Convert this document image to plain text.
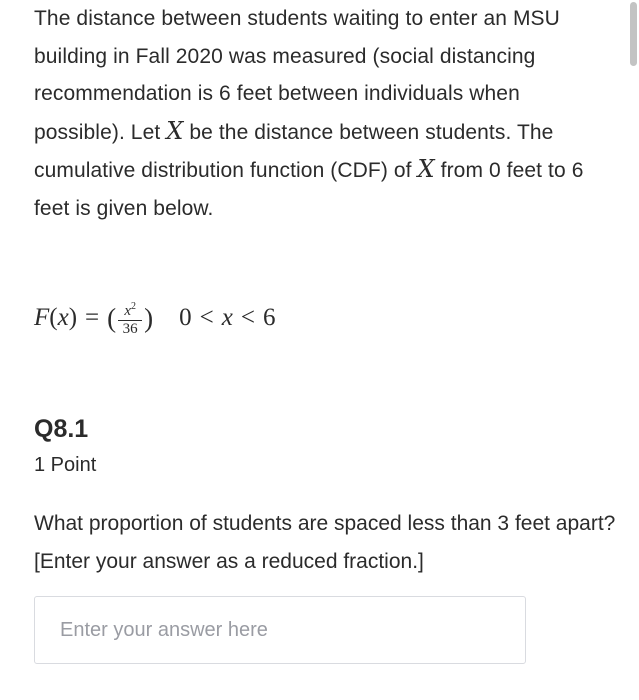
The distance between students waiting to enter an MSU building in Fall 2020 was measured (social distancing recommendation is 6 feet between individuals when possible). Let X be the distance between students. The cumulative distribution function (CDF) of X from 0 feet to 6 feet is given below.

F ( x ) = ( $\frac{x^2}{36}$ ) 0 < x < 6
Q8.1
1 Point

What proportion of students are spaced less than 3 feet apart? [Enter your answer as a reduced fraction.]

Enter your answer here
